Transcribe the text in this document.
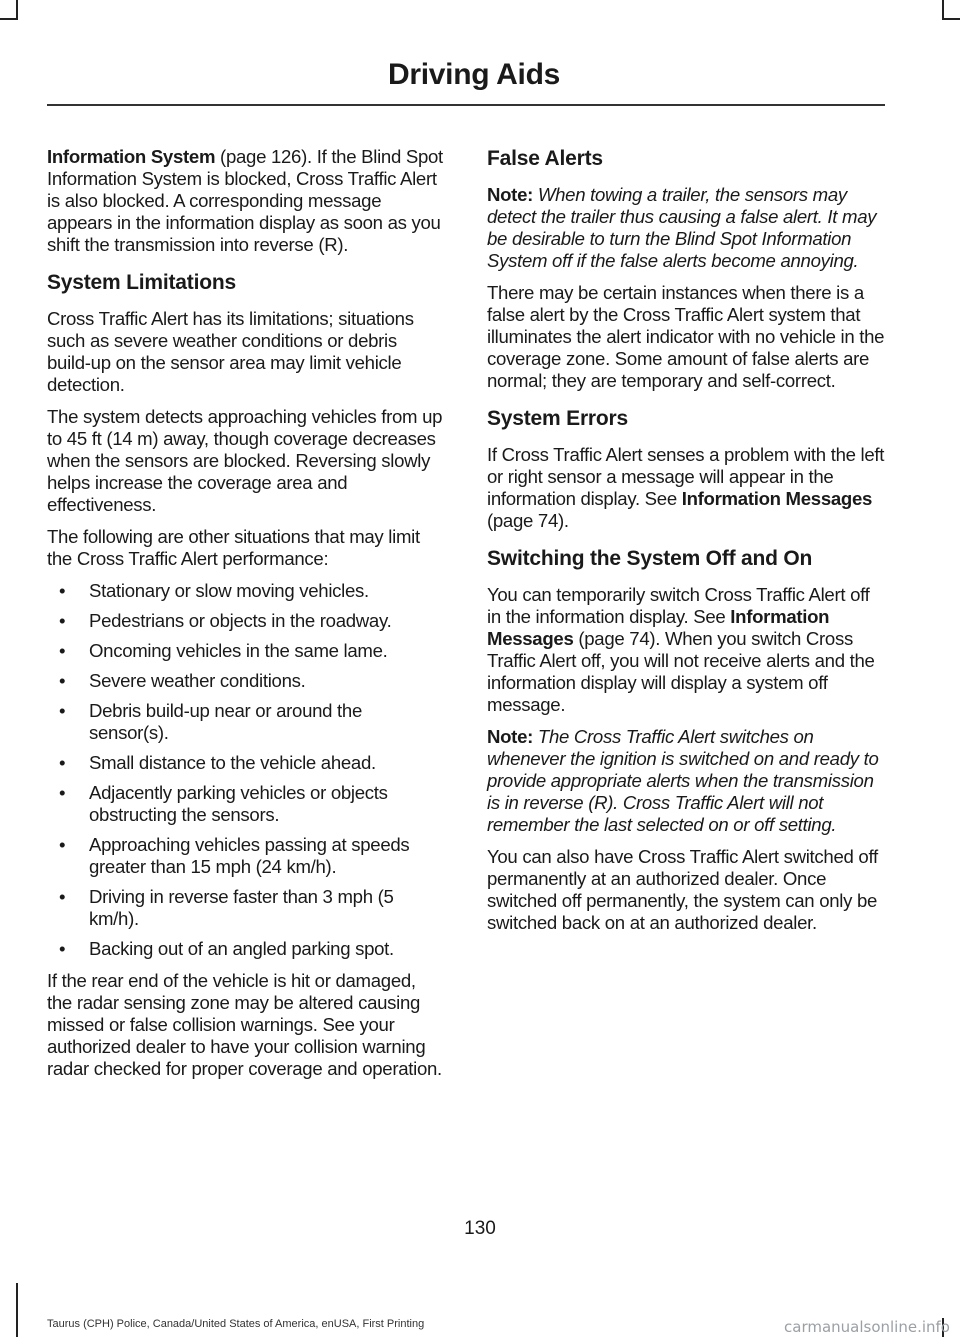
Driving Aids

Information System (page 126). If the Blind Spot Information System is blocked, Cross Traffic Alert is also blocked. A corresponding message appears in the information display as soon as you shift the transmission into reverse (R).

System Limitations

Cross Traffic Alert has its limitations; situations such as severe weather conditions or debris build-up on the sensor area may limit vehicle detection.

The system detects approaching vehicles from up to 45 ft (14 m) away, though coverage decreases when the sensors are blocked. Reversing slowly helps increase the coverage area and effectiveness.

The following are other situations that may limit the Cross Traffic Alert performance:

• Stationary or slow moving vehicles.
• Pedestrians or objects in the roadway.
• Oncoming vehicles in the same lame.
• Severe weather conditions.
• Debris build-up near or around the sensor(s).
• Small distance to the vehicle ahead.
• Adjacently parking vehicles or objects obstructing the sensors.
• Approaching vehicles passing at speeds greater than 15 mph (24 km/h).
• Driving in reverse faster than 3 mph (5 km/h).
• Backing out of an angled parking spot.

If the rear end of the vehicle is hit or damaged, the radar sensing zone may be altered causing missed or false collision warnings. See your authorized dealer to have your collision warning radar checked for proper coverage and operation.

False Alerts

Note: When towing a trailer, the sensors may detect the trailer thus causing a false alert. It may be desirable to turn the Blind Spot Information System off if the false alerts become annoying.

There may be certain instances when there is a false alert by the Cross Traffic Alert system that illuminates the alert indicator with no vehicle in the coverage zone. Some amount of false alerts are normal; they are temporary and self-correct.

System Errors

If Cross Traffic Alert senses a problem with the left or right sensor a message will appear in the information display. See Information Messages (page 74).

Switching the System Off and On

You can temporarily switch Cross Traffic Alert off in the information display. See Information Messages (page 74). When you switch Cross Traffic Alert off, you will not receive alerts and the information display will display a system off message.

Note: The Cross Traffic Alert switches on whenever the ignition is switched on and ready to provide appropriate alerts when the transmission is in reverse (R). Cross Traffic Alert will not remember the last selected on or off setting.

You can also have Cross Traffic Alert switched off permanently at an authorized dealer. Once switched off permanently, the system can only be switched back on at an authorized dealer.

130
Taurus (CPH) Police, Canada/United States of America, enUSA, First Printing	carmanualsonline.info
